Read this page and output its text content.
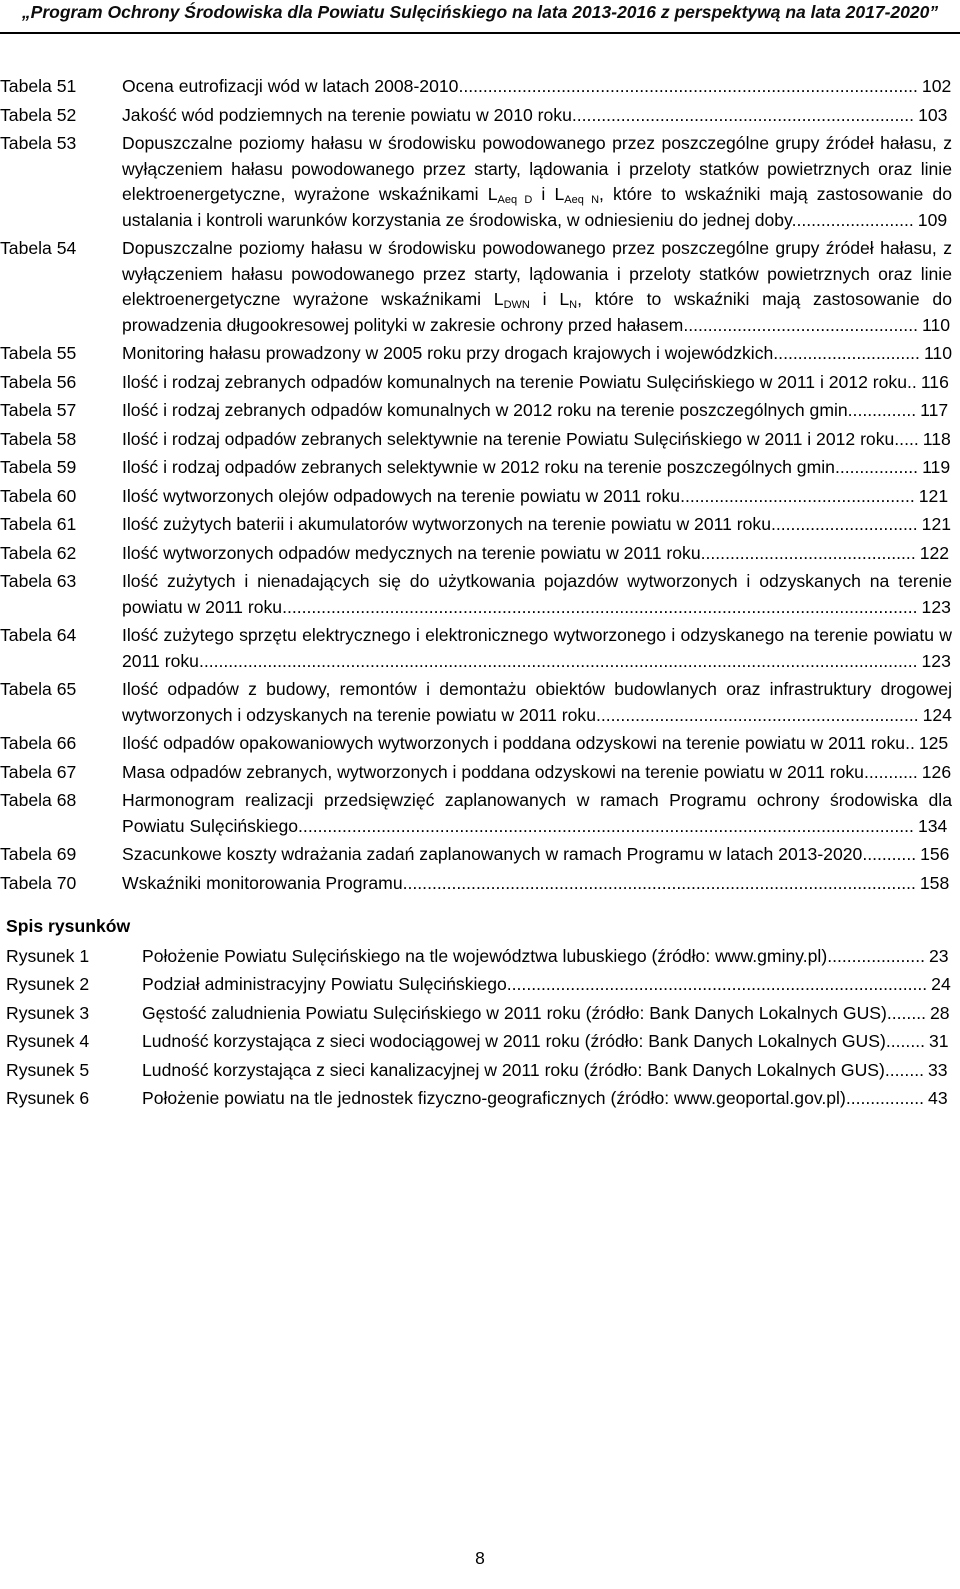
„Program Ochrony Środowiska dla Powiatu Sulęcińskiego na lata 2013-2016 z perspektywą na lata 2017-2020”
Tabela 51	Ocena eutrofizacji wód w latach 2008-2010.............................................................................................. 102
Tabela 52	Jakość wód podziemnych na terenie powiatu w 2010 roku...................................................................... 103
Tabela 53	Dopuszczalne poziomy hałasu w środowisku powodowanego przez poszczególne grupy źródeł hałasu, z wyłączeniem hałasu powodowanego przez starty, lądowania i przeloty statków powietrznych oraz linie elektroenergetyczne, wyrażone wskaźnikami $L_{Aeq D}$ i $L_{Aeq N}$, które to wskaźniki mają zastosowanie do ustalania i kontroli warunków korzystania ze środowiska, w odniesieniu do jednej doby......................... 109
Tabela 54	Dopuszczalne poziomy hałasu w środowisku powodowanego przez poszczególne grupy źródeł hałasu, z wyłączeniem hałasu powodowanego przez starty, lądowania i przeloty statków powietrznych oraz linie elektroenergetyczne wyrażone wskaźnikami $L_{DWN}$ i $L_N$, które to wskaźniki mają zastosowanie do prowadzenia długookresowej polityki w zakresie ochrony przed hałasem................................................ 110
Tabela 55	Monitoring hałasu prowadzony w 2005 roku przy drogach krajowych i wojewódzkich.............................. 110
Tabela 56	Ilość i rodzaj zebranych odpadów komunalnych na terenie Powiatu Sulęcińskiego w 2011 i 2012 roku.. 116
Tabela 57	Ilość i rodzaj zebranych odpadów komunalnych w 2012 roku na terenie poszczególnych gmin.............. 117
Tabela 58	Ilość i rodzaj odpadów zebranych selektywnie na terenie Powiatu Sulęcińskiego w 2011 i 2012 roku..... 118
Tabela 59	Ilość i rodzaj odpadów zebranych selektywnie w 2012 roku na terenie poszczególnych gmin................. 119
Tabela 60	Ilość wytworzonych olejów odpadowych na terenie powiatu w 2011 roku................................................ 121
Tabela 61	Ilość zużytych baterii i akumulatorów wytworzonych na terenie powiatu w 2011 roku.............................. 121
Tabela 62	Ilość wytworzonych odpadów medycznych na terenie powiatu w 2011 roku............................................ 122
Tabela 63	Ilość zużytych i nienadających się do użytkowania pojazdów wytworzonych i odzyskanych na terenie powiatu w 2011 roku.................................................................................................................................. 123
Tabela 64	Ilość zużytego sprzętu elektrycznego i elektronicznego wytworzonego i odzyskanego na terenie powiatu w 2011 roku................................................................................................................................................... 123
Tabela 65	Ilość odpadów z budowy, remontów i demontażu obiektów budowlanych oraz infrastruktury drogowej wytworzonych i odzyskanych na terenie powiatu w 2011 roku.................................................................. 124
Tabela 66	Ilość odpadów opakowaniowych wytworzonych i poddana odzyskowi na terenie powiatu w 2011 roku.. 125
Tabela 67	Masa odpadów zebranych, wytworzonych i poddana odzyskowi na terenie powiatu w 2011 roku........... 126
Tabela 68	Harmonogram realizacji przedsięwzięć zaplanowanych w ramach Programu ochrony środowiska dla Powiatu Sulęcińskiego.............................................................................................................................. 134
Tabela 69	Szacunkowe koszty wdrażania zadań zaplanowanych w ramach Programu w latach 2013-2020........... 156
Tabela 70	Wskaźniki monitorowania Programu......................................................................................................... 158
Spis rysunków
Rysunek 1	Położenie Powiatu Sulęcińskiego na tle województwa lubuskiego (źródło: www.gminy.pl).................... 23
Rysunek 2	Podział administracyjny Powiatu Sulęcińskiego...................................................................................... 24
Rysunek 3	Gęstość zaludnienia Powiatu Sulęcińskiego w 2011 roku (źródło: Bank Danych Lokalnych GUS)........ 28
Rysunek 4	Ludność korzystająca z sieci wodociągowej w 2011 roku (źródło: Bank Danych Lokalnych GUS)........ 31
Rysunek 5	Ludność korzystająca z sieci kanalizacyjnej w 2011 roku (źródło: Bank Danych Lokalnych GUS)........ 33
Rysunek 6	Położenie powiatu na tle jednostek fizyczno-geograficznych (źródło: www.geoportal.gov.pl)................ 43
8
